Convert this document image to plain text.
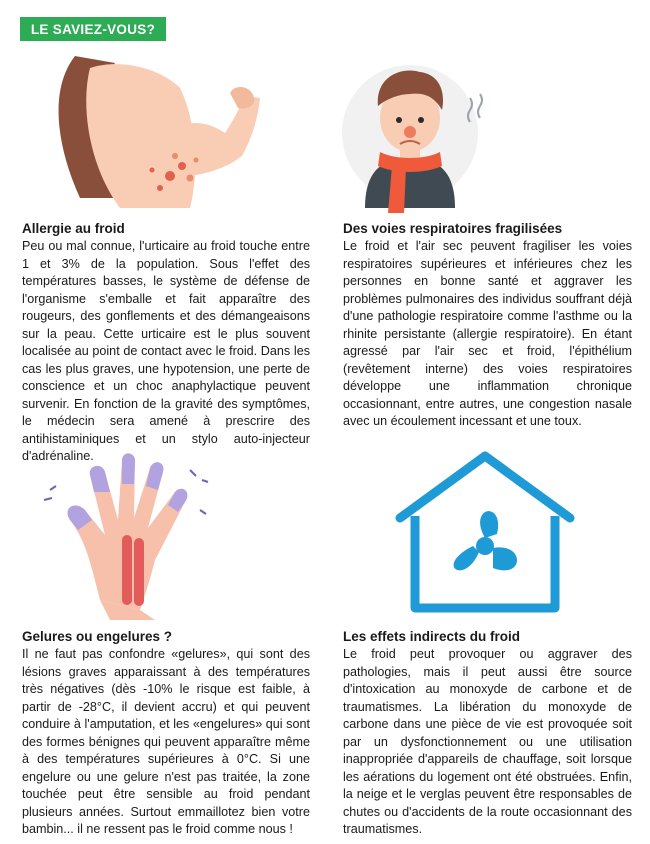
LE SAVIEZ-VOUS?
Allergie au froid

Peu ou mal connue, l'urticaire au froid touche entre 1 et 3% de la population. Sous l'effet des températures basses, le système de défense de l'organisme s'emballe et fait apparaître des rougeurs, des gonflements et des démangeaisons sur la peau. Cette urticaire est le plus souvent localisée au point de contact avec le froid. Dans les cas les plus graves, une hypotension, une perte de conscience et un choc anaphylactique peuvent survenir. En fonction de la gravité des symptômes, le médecin sera amené à prescrire des antihistaminiques et un stylo auto-injecteur d'adrénaline.

Des voies respiratoires fragilisées

Le froid et l'air sec peuvent fragiliser les voies respiratoires supérieures et inférieures chez les personnes en bonne santé et aggraver les problèmes pulmonaires des individus souffrant déjà d'une pathologie respiratoire comme l'asthme ou la rhinite persistante (allergie respiratoire). En étant agressé par l'air sec et froid, l'épithélium (revêtement interne) des voies respiratoires développe une inflammation chronique occasionnant, entre autres, une congestion nasale avec un écoulement incessant et une toux.

Gelures ou engelures ?

Il ne faut pas confondre «gelures», qui sont des lésions graves apparaissant à des températures très négatives (dès -10% le risque est faible, à partir de -28°C, il devient accru) et qui peuvent conduire à l'amputation, et les «engelures» qui sont des formes bénignes qui peuvent apparaître même à des températures supérieures à 0°C. Si une engelure ou une gelure n'est pas traitée, la zone touchée peut être sensible au froid pendant plusieurs années. Surtout emmaillotez bien votre bambin... il ne ressent pas le froid comme nous !

Les effets indirects du froid

Le froid peut provoquer ou aggraver des pathologies, mais il peut aussi être source d'intoxication au monoxyde de carbone et de traumatismes. La libération du monoxyde de carbone dans une pièce de vie est provoquée soit par un dysfonctionnement ou une utilisation inappropriée d'appareils de chauffage, soit lorsque les aérations du logement ont été obstruées. Enfin, la neige et le verglas peuvent être responsables de chutes ou d'accidents de la route occasionnant des traumatismes.
